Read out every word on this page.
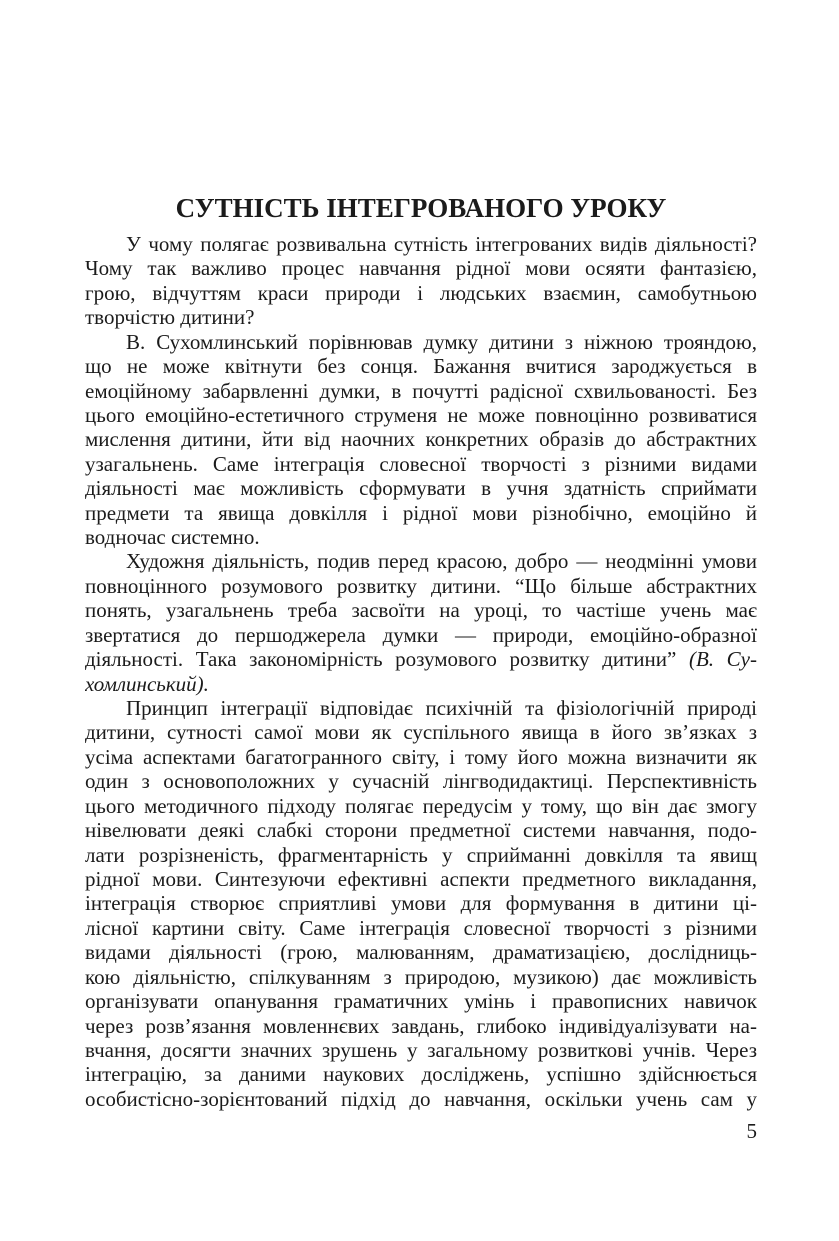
СУТНІСТЬ ІНТЕГРОВАНОГО УРОКУ
У чому полягає розвивальна сутність інтегрованих видів діяльності?
Чому так важливо процес навчання рідної мови осяяти фантазією,
грою, відчуттям краси природи і людських взаємин, самобутньою
творчістю дитини?
В. Сухомлинський порівнював думку дитини з ніжною трояндою,
що не може квітнути без сонця. Бажання вчитися зароджується в
емоційному забарвленні думки, в почутті радісної схвильованості. Без
цього емоційно-естетичного струменя не може повноцінно розвиватися
мислення дитини, йти від наочних конкретних образів до абстрактних
узагальнень. Саме інтеграція словесної творчості з різними видами
діяльності має можливість сформувати в учня здатність сприймати
предмети та явища довкілля і рідної мови різнобічно, емоційно й
водночас системно.
Художня діяльність, подив перед красою, добро — неодмінні умови
повноцінного розумового розвитку дитини. “Що більше абстрактних
понять, узагальнень треба засвоїти на уроці, то частіше учень має
звертатися до першоджерела думки — природи, емоційно-образної
діяльності. Така закономірність розумового розвитку дитини” (В. Су-
хомлинський).
Принцип інтеграції відповідає психічній та фізіологічній природі
дитини, сутності самої мови як суспільного явища в його зв’язках з
усіма аспектами багатогранного світу, і тому його можна визначити як
один з основоположних у сучасній лінгводидактиці. Перспективність
цього методичного підходу полягає передусім у тому, що він дає змогу
нівелювати деякі слабкі сторони предметної системи навчання, подо-
лати розрізненість, фрагментарність у сприйманні довкілля та явищ
рідної мови. Синтезуючи ефективні аспекти предметного викладання,
інтеграція створює сприятливі умови для формування в дитини ці-
лісної картини світу. Саме інтеграція словесної творчості з різними
видами діяльності (грою, малюванням, драматизацією, дослідниць-
кою діяльністю, спілкуванням з природою, музикою) дає можливість
організувати опанування граматичних умінь і правописних навичок
через розв’язання мовленнєвих завдань, глибоко індивідуалізувати на-
вчання, досягти значних зрушень у загальному розвиткові учнів. Через
інтеграцію, за даними наукових досліджень, успішно здійснюється
особистісно-зорієнтований підхід до навчання, оскільки учень сам у
5
